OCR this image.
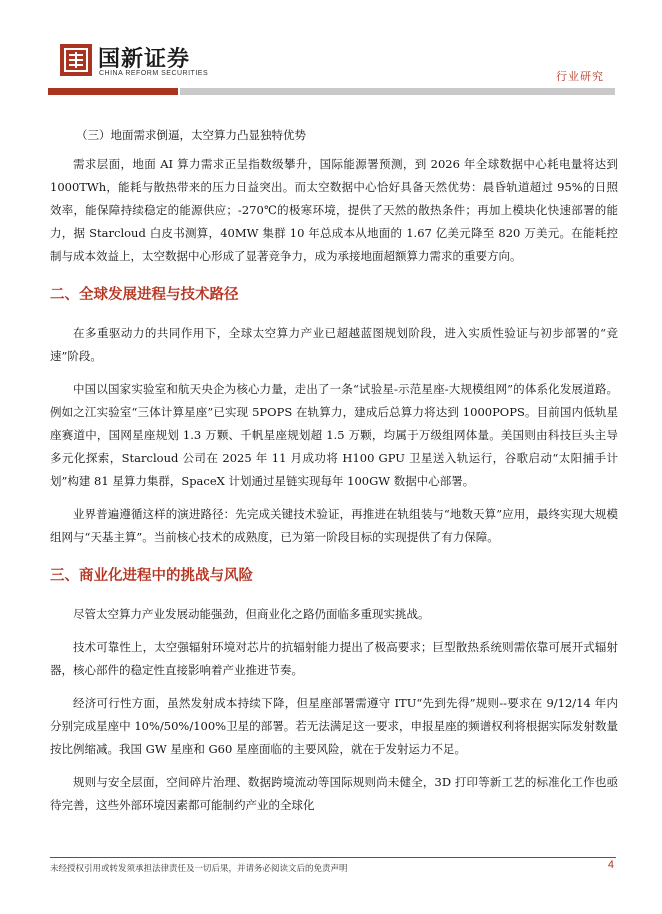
国新证券
CHINA REFORM SECURITIES	行业研究

（三）地面需求倒逼，太空算力凸显独特优势

需求层面，地面 AI 算力需求正呈指数级攀升，国际能源署预测，到 2026 年全球数据中心耗电量将达到 1000TWh，能耗与散热带来的压力日益突出。而太空数据中心恰好具备天然优势：晨昏轨道超过 95%的日照效率，能保障持续稳定的能源供应；-270℃的极寒环境，提供了天然的散热条件；再加上模块化快速部署的能力，据 Starcloud 白皮书测算，40MW 集群 10 年总成本从地面的 1.67 亿美元降至 820 万美元。在能耗控制与成本效益上，太空数据中心形成了显著竞争力，成为承接地面超额算力需求的重要方向。

二、全球发展进程与技术路径

在多重驱动力的共同作用下，全球太空算力产业已超越蓝图规划阶段，进入实质性验证与初步部署的“竞速”阶段。

中国以国家实验室和航天央企为核心力量，走出了一条“试验星-示范星座-大规模组网”的体系化发展道路。例如之江实验室“三体计算星座”已实现 5POPS 在轨算力，建成后总算力将达到 1000POPS。目前国内低轨星座赛道中，国网星座规划 1.3 万颗、千帆星座规划超 1.5 万颗，均属于万级组网体量。美国则由科技巨头主导多元化探索，Starcloud 公司在 2025 年 11 月成功将 H100 GPU 卫星送入轨运行，谷歌启动“太阳捕手计划”构建 81 星算力集群，SpaceX 计划通过星链实现每年 100GW 数据中心部署。

业界普遍遵循这样的演进路径：先完成关键技术验证，再推进在轨组装与“地数天算”应用，最终实现大规模组网与“天基主算”。当前核心技术的成熟度，已为第一阶段目标的实现提供了有力保障。

三、商业化进程中的挑战与风险

尽管太空算力产业发展动能强劲，但商业化之路仍面临多重现实挑战。

技术可靠性上，太空强辐射环境对芯片的抗辐射能力提出了极高要求；巨型散热系统则需依靠可展开式辐射器，核心部件的稳定性直接影响着产业推进节奏。

经济可行性方面，虽然发射成本持续下降，但星座部署需遵守 ITU“先到先得”规则--要求在 9/12/14 年内分别完成星座中 10%/50%/100%卫星的部署。若无法满足这一要求，申报星座的频谱权利将根据实际发射数量按比例缩减。我国 GW 星座和 G60 星座面临的主要风险，就在于发射运力不足。

规则与安全层面，空间碎片治理、数据跨境流动等国际规则尚未健全，3D 打印等新工艺的标准化工作也亟待完善，这些外部环境因素都可能制约产业的全球化

未经授权引用或转发须承担法律责任及一切后果，并请务必阅读文后的免责声明	4
